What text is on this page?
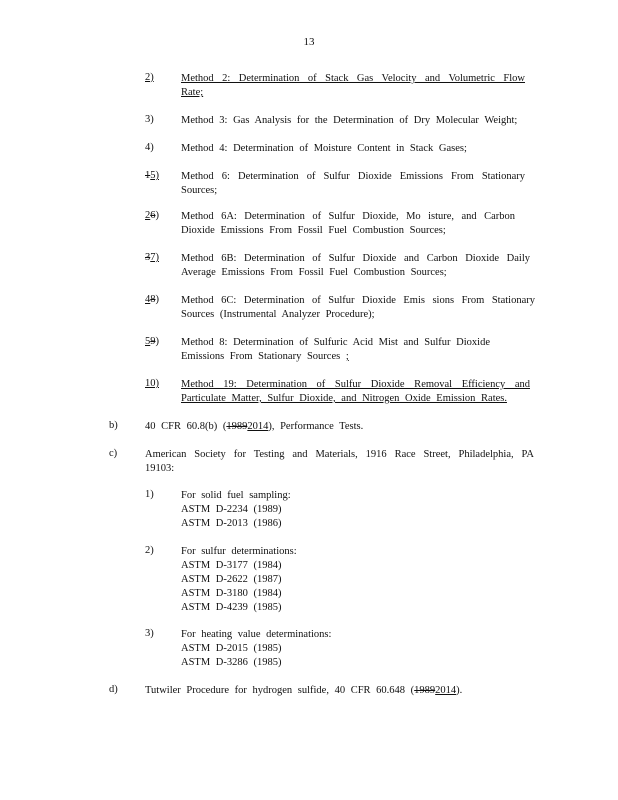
13
2)	Method 2: Determination of Stack Gas Velocity and Volumetric Flow Rate;
3)	Method 3: Gas Analysis for the Determination of Dry Molecular Weight;
4)	Method 4: Determination of Moisture Content in Stack Gases;
15)	Method 6: Determination of Sulfur Dioxide Emissions From Stationary Sources;
26)	Method 6A: Determination of Sulfur Dioxide, Mo isture, and Carbon Dioxide Emissions From Fossil Fuel Combustion Sources;
37)	Method 6B: Determination of Sulfur Dioxide and Carbon Dioxide Daily Average Emissions From Fossil Fuel Combustion Sources;
48)	Method 6C: Determination of Sulfur Dioxide Emis sions From Stationary Sources (Instrumental Analyzer Procedure);
59)	Method 8: Determination of Sulfuric Acid Mist and Sulfur Dioxide Emissions From Stationary Sources ;
10)	Method 19: Determination of Sulfur Dioxide Removal Efficiency and Particulate Matter, Sulfur Dioxide, and Nitrogen Oxide Emission Rates.
b)	40 CFR 60.8(b) (19892014), Performance Tests.
c)	American Society for Testing and Materials, 1916 Race Street, Philadelphia, PA 19103:
1)	For solid fuel sampling:
ASTM D-2234 (1989)
ASTM D-2013 (1986)
2)	For sulfur determinations:
ASTM D-3177 (1984)
ASTM D-2622 (1987)
ASTM D-3180 (1984)
ASTM D-4239 (1985)
3)	For heating value determinations:
ASTM D-2015 (1985)
ASTM D-3286 (1985)
d)	Tutwiler Procedure for hydrogen sulfide, 40 CFR 60.648 (19892014).
